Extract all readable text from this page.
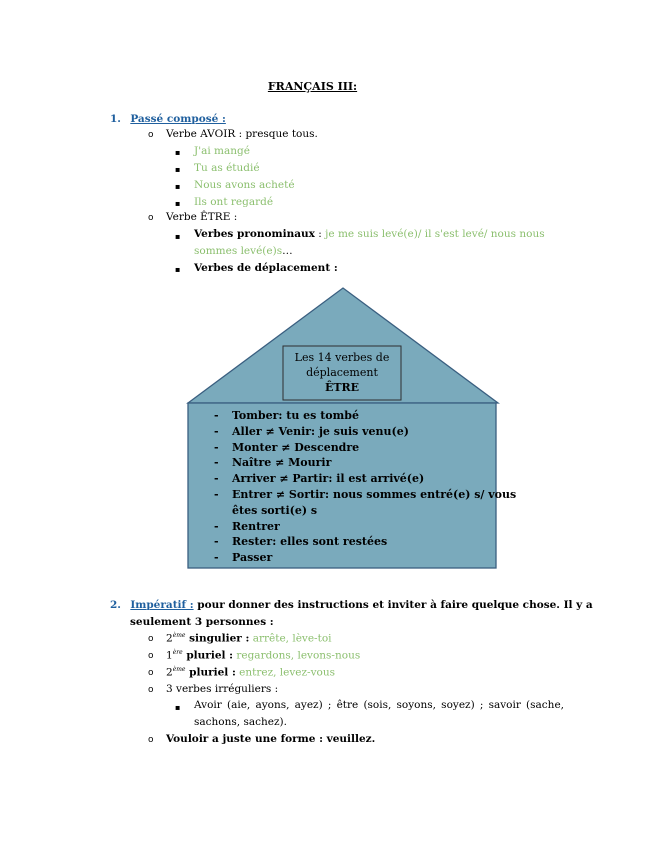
FRANÇAIS III:
1. Passé composé :
o Verbe AVOIR : presque tous.
▪ J'ai mangé
▪ Tu as étudié
▪ Nous avons acheté
▪ Ils ont regardé
o Verbe ÊTRE :
▪ Verbes pronominaux : je me suis levé(e)/ il s'est levé/ nous nous
sommes levé(e)s…
▪ Verbes de déplacement :
Les 14 verbes de
déplacement
ÊTRE
-	Tomber: tu es tombé
-	Aller ≠ Venir: je suis venu(e)
-	Monter ≠ Descendre
-	Naître ≠ Mourir
-	Arriver ≠ Partir: il est arrivé(e)
-	Entrer ≠ Sortir: nous sommes entré(e) s/ vous
êtes sorti(e) s
-	Rentrer
-	Rester: elles sont restées
-	Passer
2. Impératif : pour donner des instructions et inviter à faire quelque chose. Il y a
seulement 3 personnes :
o 2ème singulier : arrête, lève-toi
o 1ère pluriel : regardons, levons-nous
o 2ème pluriel : entrez, levez-vous
o 3 verbes irréguliers :
▪ Avoir (aie, ayons, ayez) ; être (sois, soyons, soyez) ; savoir (sache,
sachons, sachez).
o Vouloir a juste une forme : veuillez.
